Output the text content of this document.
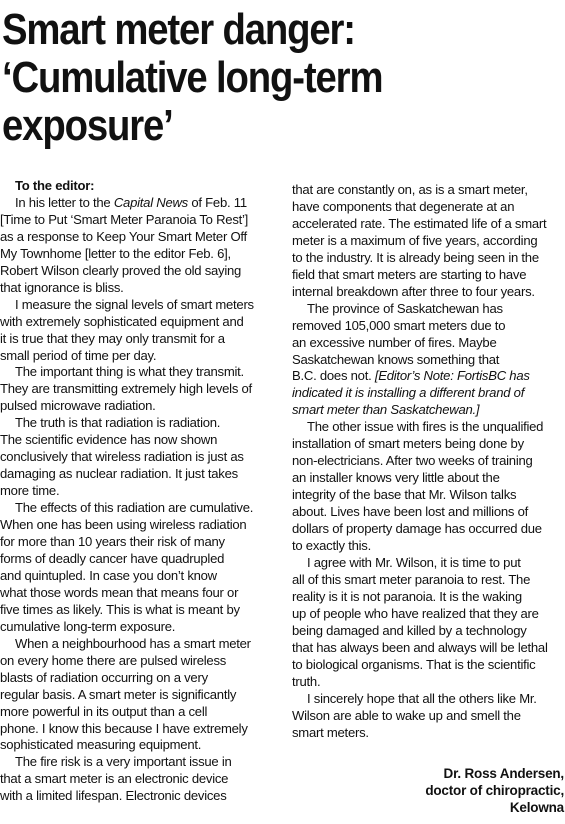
Smart meter danger:
‘Cumulative long-term
exposure’

To the editor:

In his letter to the Capital News of Feb. 11
[Time to Put ‘Smart Meter Paranoia To Rest’]
as a response to Keep Your Smart Meter Off
My Townhome [letter to the editor Feb. 6],
Robert Wilson clearly proved the old saying
that ignorance is bliss.

I measure the signal levels of smart meters
with extremely sophisticated equipment and
it is true that they may only transmit for a
small period of time per day.

The important thing is what they transmit.
They are transmitting extremely high levels of
pulsed microwave radiation.

The truth is that radiation is radiation.
The scientific evidence has now shown
conclusively that wireless radiation is just as
damaging as nuclear radiation. It just takes
more time.

The effects of this radiation are cumulative.
When one has been using wireless radiation
for more than 10 years their risk of many
forms of deadly cancer have quadrupled
and quintupled. In case you don’t know
what those words mean that means four or
five times as likely. This is what is meant by
cumulative long-term exposure.

When a neighbourhood has a smart meter
on every home there are pulsed wireless
blasts of radiation occurring on a very
regular basis. A smart meter is significantly
more powerful in its output than a cell
phone. I know this because I have extremely
sophisticated measuring equipment.

The fire risk is a very important issue in
that a smart meter is an electronic device
with a limited lifespan. Electronic devices

that are constantly on, as is a smart meter,
have components that degenerate at an
accelerated rate. The estimated life of a smart
meter is a maximum of five years, according
to the industry. It is already being seen in the
field that smart meters are starting to have
internal breakdown after three to four years.

The province of Saskatchewan has
removed 105,000 smart meters due to
an excessive number of fires. Maybe
Saskatchewan knows something that
B.C. does not. [Editor’s Note: FortisBC has
indicated it is installing a different brand of
smart meter than Saskatchewan.]

The other issue with fires is the unqualified
installation of smart meters being done by
non-electricians. After two weeks of training
an installer knows very little about the
integrity of the base that Mr. Wilson talks
about. Lives have been lost and millions of
dollars of property damage has occurred due
to exactly this.

I agree with Mr. Wilson, it is time to put
all of this smart meter paranoia to rest. The
reality is it is not paranoia. It is the waking
up of people who have realized that they are
being damaged and killed by a technology
that has always been and always will be lethal
to biological organisms. That is the scientific
truth.

I sincerely hope that all the others like Mr.
Wilson are able to wake up and smell the
smart meters.

Dr. Ross Andersen,
doctor of chiropractic,
Kelowna
